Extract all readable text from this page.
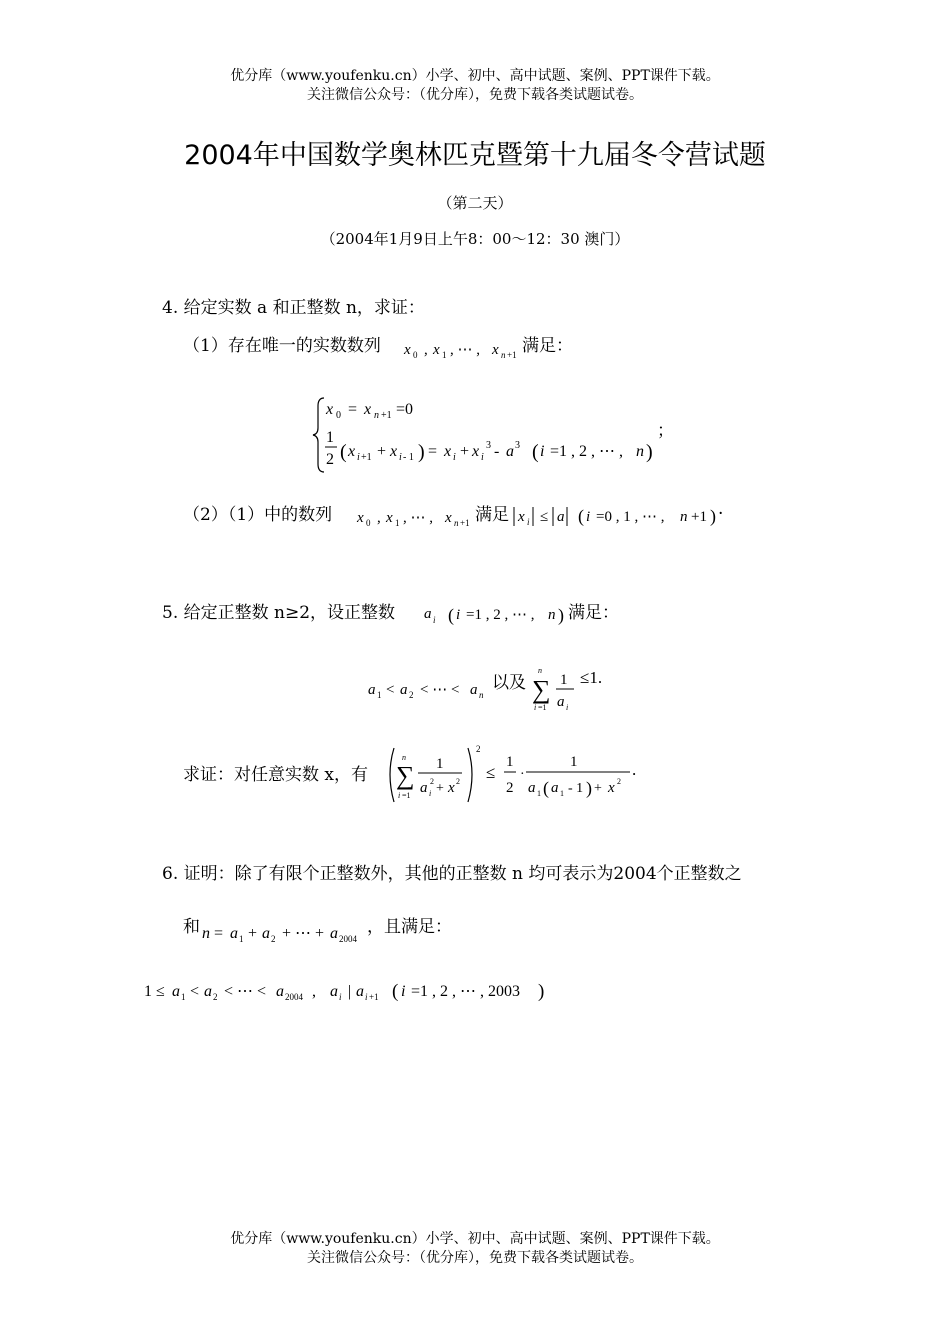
优分库（www.youfenku.cn）小学、初中、高中试题、案例、PPT课件下载。
关注微信公众号：（优分库），免费下载各类试题试卷。
2004年中国数学奥林匹克暨第十九届冬令营试题
（第二天）
（2004年1月9日上午8：00～12：30 澳门）
4. 给定实数 a 和正整数 n，求证：
（1）存在唯一的实数数列 x 0 , x 1 , ⋯ , x n +1 满足：
x 0 = x n +1 =0
1
2 ( x i +1 + x i - 1 ) = x i + x i
3 - a 3 ( i =1 , 2 , ⋯ , n )
；
（2）（1）中的数列 x 0 , x 1 , ⋯ , x n +1 满足 x i ≤ a ( i =0 , 1 , ⋯ , n +1 ) ·
5. 给定正整数 n≥2，设正整数 a i ( i =1 , 2 , ⋯ , n ) 满足：
a 1 < a 2 < ⋯ < a n
以及
n
∑
i =1
1
a i
≤1.
求证：对任意实数 x，有
n
∑
i =1
1
a i
2 + x 2
2
≤
1
2
·
1
a 1 ( a 1 - 1 ) + x 2
.
6. 证明：除了有限个正整数外，其他的正整数 n 均可表示为2004个正整数之
和 n = a 1 + a 2 + ⋯ + a 2004
，且满足：
1 ≤ a 1 < a 2 < ⋯ < a 2004 , a i | a i +1 ( i =1 , 2 , ⋯ , 2003 )
优分库（www.youfenku.cn）小学、初中、高中试题、案例、PPT课件下载。
关注微信公众号：（优分库），免费下载各类试题试卷。
